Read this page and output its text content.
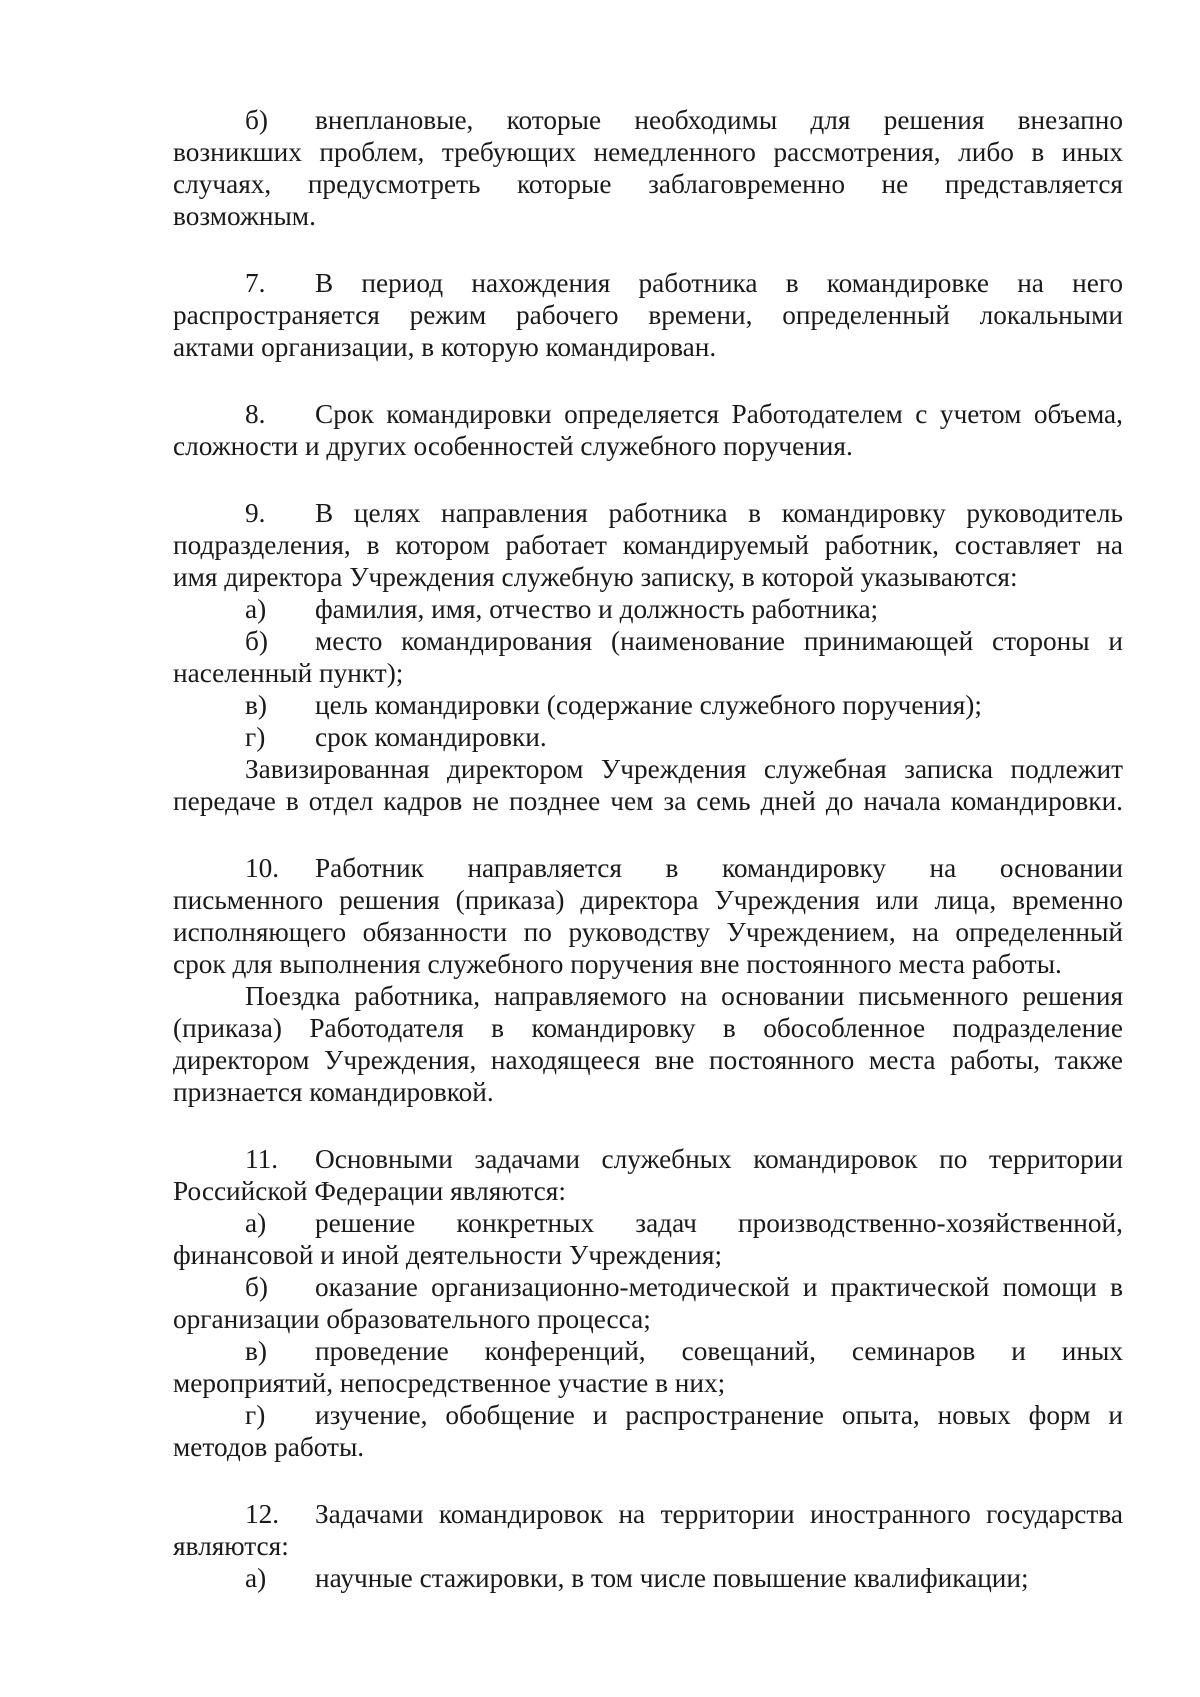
б) внеплановые, которые необходимы для решения внезапно
возникших проблем, требующих немедленного рассмотрения, либо в иных
случаях, предусмотреть которые заблаговременно не представляется
возможным.
7. В период нахождения работника в командировке на него
распространяется режим рабочего времени, определенный локальными
актами организации, в которую командирован.
8. Срок командировки определяется Работодателем с учетом объема,
сложности и других особенностей служебного поручения.
9. В целях направления работника в командировку руководитель
подразделения, в котором работает командируемый работник, составляет на
имя директора Учреждения служебную записку, в которой указываются:
а) фамилия, имя, отчество и должность работника;
б) место командирования (наименование принимающей стороны и
населенный пункт);
в) цель командировки (содержание служебного поручения);
г) срок командировки.
Завизированная директором Учреждения служебная записка подлежит
передаче в отдел кадров не позднее чем за семь дней до начала командировки.
10. Работник направляется в командировку на основании
письменного решения (приказа) директора Учреждения или лица, временно
исполняющего обязанности по руководству Учреждением, на определенный
срок для выполнения служебного поручения вне постоянного места работы.
Поездка работника, направляемого на основании письменного решения
(приказа) Работодателя в командировку в обособленное подразделение
директором Учреждения, находящееся вне постоянного места работы, также
признается командировкой.
11. Основными задачами служебных командировок по территории
Российской Федерации являются:
а) решение конкретных задач производственно-хозяйственной,
финансовой и иной деятельности Учреждения;
б) оказание организационно-методической и практической помощи в
организации образовательного процесса;
в) проведение конференций, совещаний, семинаров и иных
мероприятий, непосредственное участие в них;
г) изучение, обобщение и распространение опыта, новых форм и
методов работы.
12. Задачами командировок на территории иностранного государства
являются:
а) научные стажировки, в том числе повышение квалификации;
